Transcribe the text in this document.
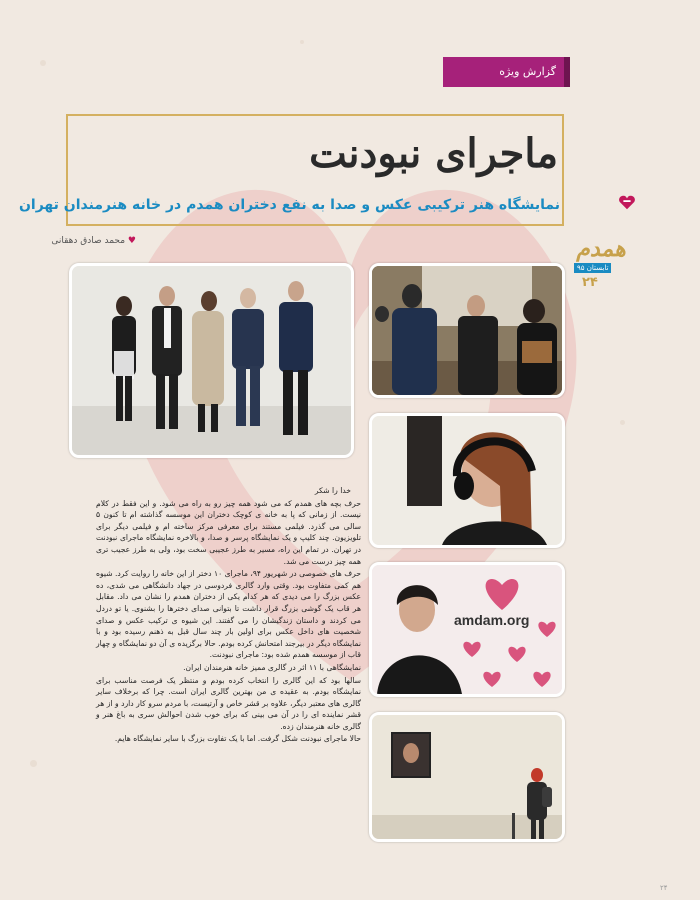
گزارش ویژه
ماجرای نبودنت
نمایشگاه هنر ترکیبی عکس و صدا به نفع دختران همدم در خانه هنرمندان تهران
♥ محمد صادق دهقانی	همدم
تابستان ۹۵
۲۴
amdam.org

خدا را شکر

حرف بچه های همدم که می شود همه چیز رو به راه می شود. و این فقط در کلام نیست. از زمانی که پا به خانه ی کوچک دختران این موسسه گذاشته ام تا کنون ۵ سالی می گذرد. فیلمی مستند برای معرفی مرکز ساخته ام و فیلمی دیگر برای تلویزیون. چند کلیپ و یک نمایشگاه پرسر و صدا، و بالاخره نمایشگاه ماجرای نبودنت در تهران. در تمام این راه، مسیر به طرز عجیبی سخت بود، ولی به طرز عجیب تری همه چیز درست می شد.

حرف های خصوصی در شهریور ۹۴، ماجرای ۱۰ دختر از این خانه را روایت کرد. شیوه هم کمی متفاوت بود. وقتی وارد گالری فردوسی در جهاد دانشگاهی می شدی، ده عکس بزرگ را می دیدی که هر کدام یکی از دختران همدم را نشان می داد. مقابل هر قاب یک گوشی بزرگ قرار داشت تا بتوانی صدای دخترها را بشنوی. یا تو دردل می کردند و داستان زندگیشان را می گفتند. این شیوه ی ترکیب عکس و صدای شخصیت های داخل عکس برای اولین بار چند سال قبل به ذهنم رسیده بود و با نمایشگاه دیگر در بیرجند امتحانش کرده بودم. حالا برگزیده ی آن دو نمایشگاه و چهار قاب از موسسه همدم شده بود: ماجرای نبودنت.

نمایشگاهی با ۱۱ اثر در گالری ممیز خانه هنرمندان ایران.

سالها بود که این گالری را انتخاب کرده بودم و منتظر یک فرصت مناسب برای نمایشگاه بودم. به عقیده ی من بهترین گالری ایران است. چرا که برخلاف سایر گالری های معتبر دیگر، علاوه بر قشر خاص و آرتیست، با مردم سرو کار دارد و از هر قشر نماینده ای را در آن می بینی که برای خوب شدن احوالش سری به باغ هنر و گالری خانه هنرمندان زده.

حالا ماجرای نبودنت شکل گرفت. اما با یک تفاوت بزرگ با سایر نمایشگاه هایم.

۲۴
